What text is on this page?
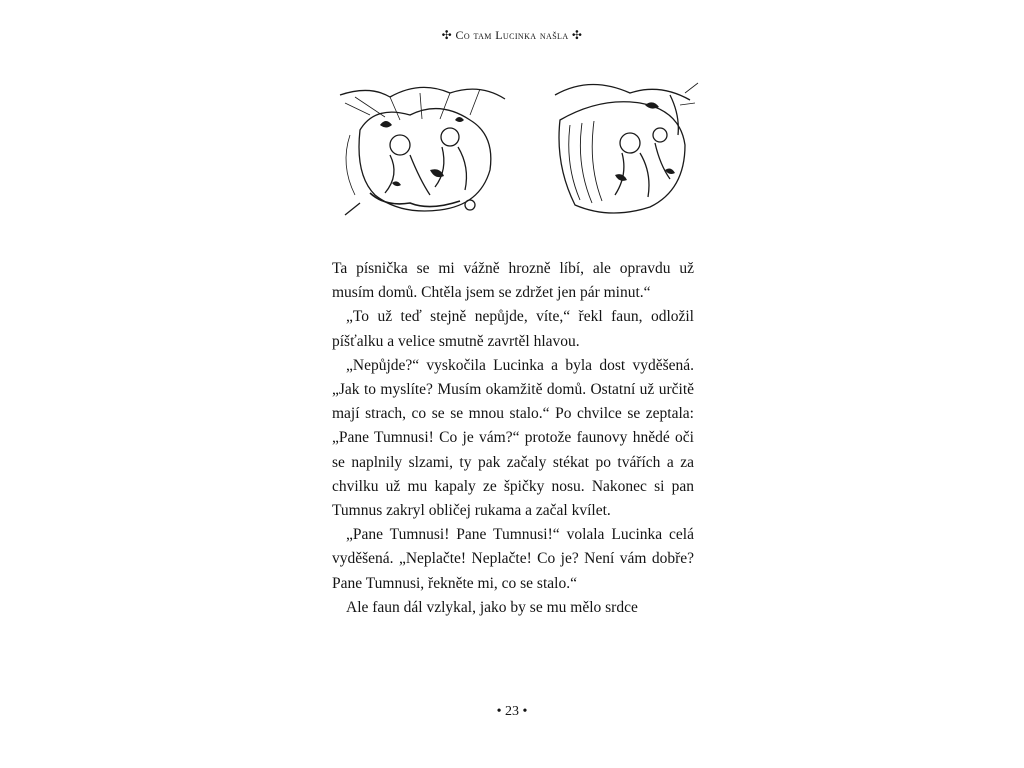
✣ Co tam Lucinka našla ✣

Ta písnička se mi vážně hrozně líbí, ale opravdu už musím domů. Chtěla jsem se zdržet jen pár minut.“

„To už teď stejně nepůjde, víte,“ řekl faun, odložil píšťalku a velice smutně zavrtěl hlavou.

„Nepůjde?“ vyskočila Lucinka a byla dost vyděšená. „Jak to myslíte? Musím okamžitě domů. Ostatní už určitě mají strach, co se se mnou stalo.“ Po chvilce se zeptala: „Pane Tumnusi! Co je vám?“ protože faunovy hnědé oči se naplnily slzami, ty pak začaly stékat po tvářích a za chvilku už mu kapaly ze špičky nosu. Nakonec si pan Tumnus zakryl obličej rukama a začal kvílet.

„Pane Tumnusi! Pane Tumnusi!“ volala Lucinka celá vyděšená. „Neplačte! Neplačte! Co je? Není vám dobře? Pane Tumnusi, řekněte mi, co se stalo.“

Ale faun dál vzlykal, jako by se mu mělo srdce

• 23 •
